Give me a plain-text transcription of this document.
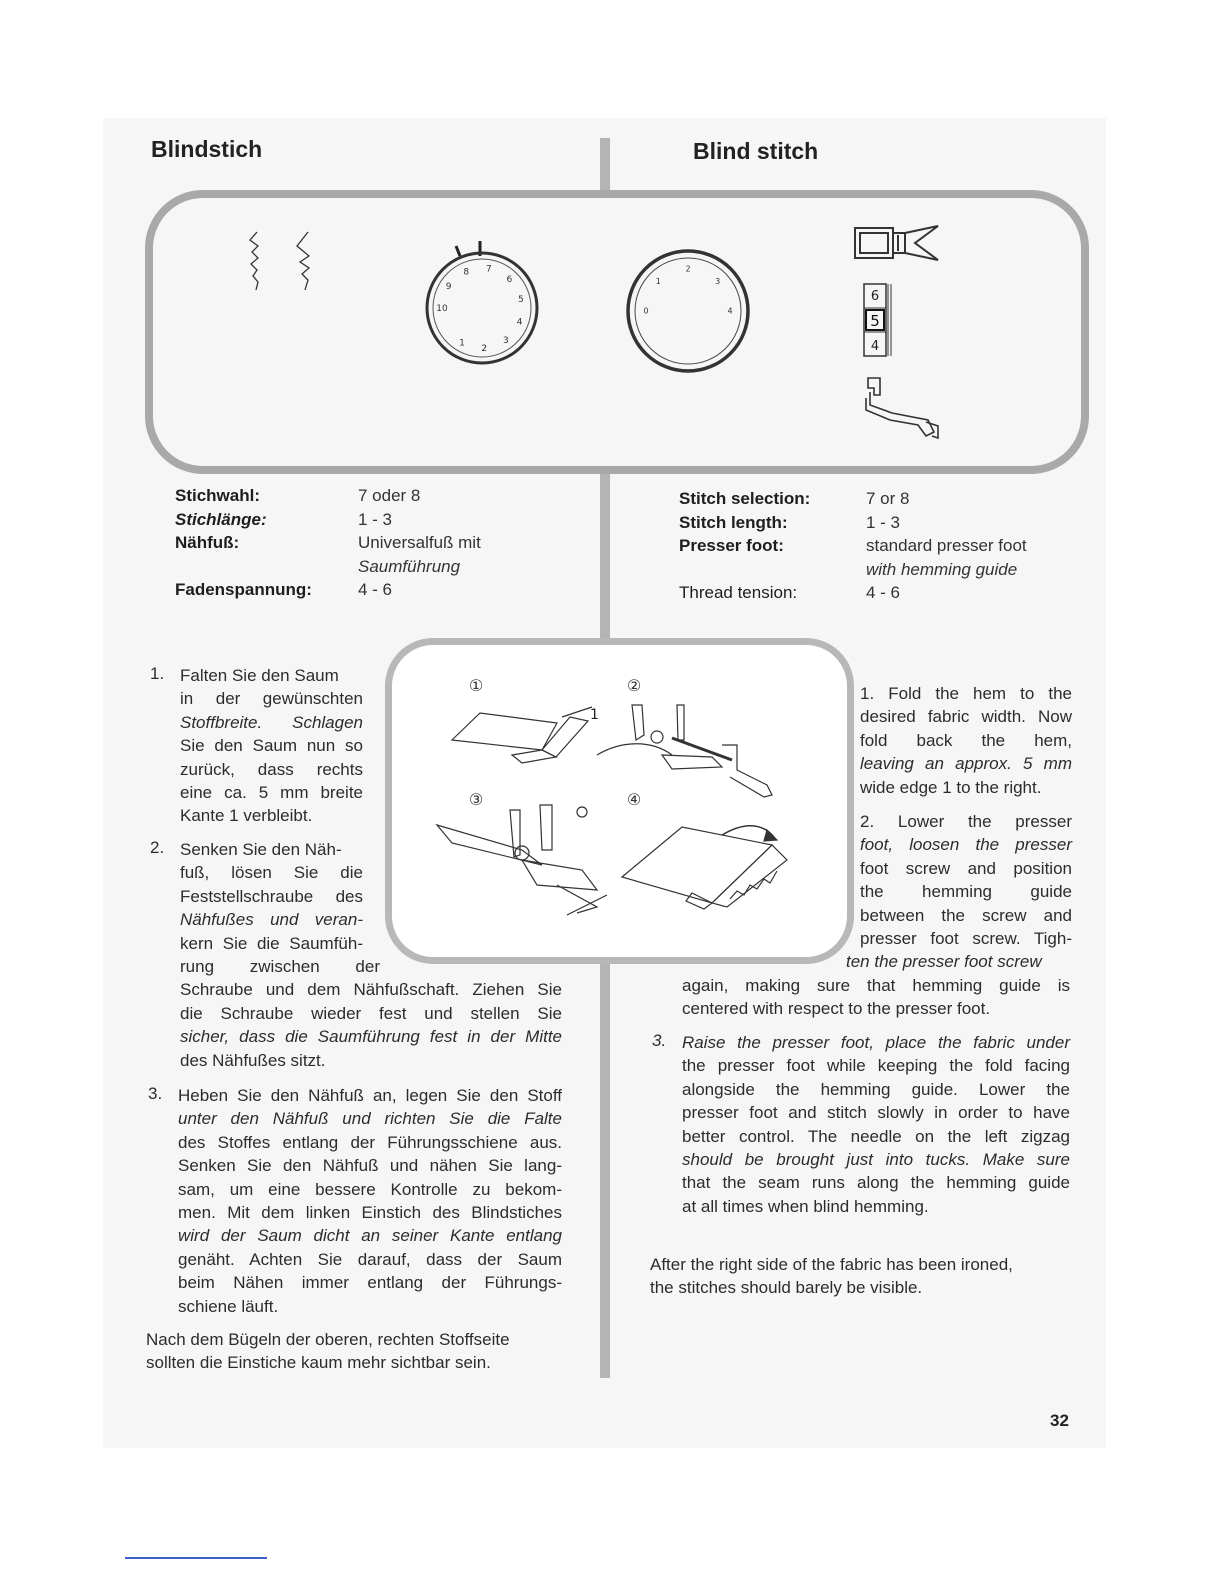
Blindstich	Blind stitch
1
2
3
4
5
6
7
8
9
10	0
1
2
3
4
6
5
4
Stichwahl:	7 oder 8
Stichlänge:	1 - 3
Nähfuß:	Universalfuß mit
Saumführung
Fadenspannung:	4 - 6
Stitch selection:	7 or 8
Stitch length:	1 - 3
Presser foot:	standard presser foot
with hemming guide
Thread tension:	4 - 6
①	②
③	④
1
1. Falten Sie den Saum
in der gewünschten
Stoffbreite. Schlagen
Sie den Saum nun so
zurück, dass rechts
eine ca. 5 mm breite
Kante 1 verbleibt.
2. Senken Sie den Näh-
fuß, lösen Sie die
Feststellschraube des
Nähfußes und veran-
kern Sie die Saumfüh-
rung zwischen der
Schraube und dem Nähfußschaft. Ziehen Sie
die Schraube wieder fest und stellen Sie
sicher, dass die Saumführung fest in der Mitte
des Nähfußes sitzt.
3. Heben Sie den Nähfuß an, legen Sie den Stoff
unter den Nähfuß und richten Sie die Falte
des Stoffes entlang der Führungsschiene aus.
Senken Sie den Nähfuß und nähen Sie lang-
sam, um eine bessere Kontrolle zu bekom-
men. Mit dem linken Einstich des Blindstiches
wird der Saum dicht an seiner Kante entlang
genäht. Achten Sie darauf, dass der Saum
beim Nähen immer entlang der Führungs-
schiene läuft.
Nach dem Bügeln der oberen, rechten Stoffseite
sollten die Einstiche kaum mehr sichtbar sein.
1. Fold the hem to the
desired fabric width. Now
fold back the hem,
leaving an approx. 5 mm
wide edge 1 to the right.
2. Lower the presser
foot, loosen the presser
foot screw and position
the hemming guide
between the screw and
presser foot screw. Tigh-
ten the presser foot screw
again, making sure that hemming guide is
centered with respect to the presser foot.
3. Raise the presser foot, place the fabric under
the presser foot while keeping the fold facing
alongside the hemming guide. Lower the
presser foot and stitch slowly in order to have
better control. The needle on the left zigzag
should be brought just into tucks. Make sure
that the seam runs along the hemming guide
at all times when blind hemming.
After the right side of the fabric has been ironed,
the stitches should barely be visible.
32
